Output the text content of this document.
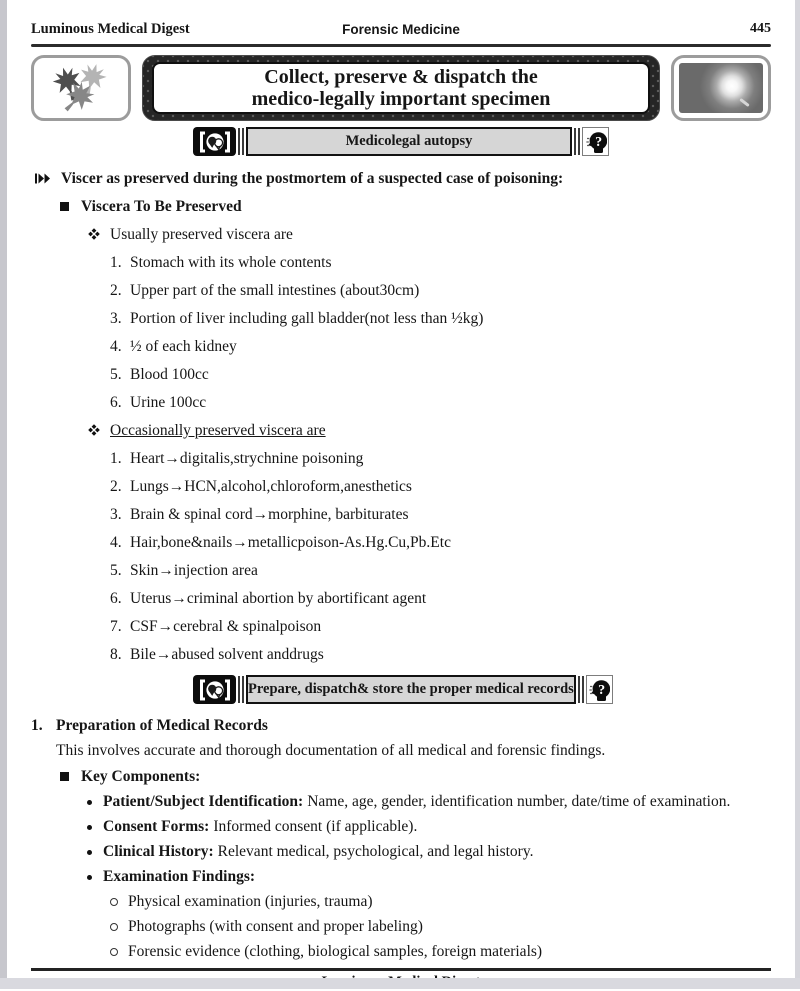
Luminous Medical Digest	Forensic Medicine	445
Collect, preserve & dispatch the
medico-legally important specimen
Medicolegal autopsy	?
Viscer as preserved during the postmortem of a suspected case of poisoning:
Viscera To Be Preserved
Usually preserved viscera are
Stomach with its whole contents
Upper part of the small intestines (about30cm)
Portion of liver including gall bladder(not less than ½kg)
½ of each kidney
Blood 100cc
Urine 100cc
Occasionally preserved viscera are
Heart→digitalis,strychnine poisoning
Lungs→HCN,alcohol,chloroform,anesthetics
Brain & spinal cord→morphine, barbiturates
Hair,bone&nails→metallicpoison-As.Hg.Cu,Pb.Etc
Skin→injection area
Uterus→criminal abortion by abortificant agent
CSF→cerebral & spinalpoison
Bile→abused solvent anddrugs
Prepare, dispatch& store the proper medical records ?
1. Preparation of Medical Records
This involves accurate and thorough documentation of all medical and forensic findings.
Key Components:
Patient/Subject Identification: Name, age, gender, identification number, date/time of examination.
Consent Forms: Informed consent (if applicable).
Clinical History: Relevant medical, psychological, and legal history.
Examination Findings:
Physical examination (injuries, trauma)
Photographs (with consent and proper labeling)
Forensic evidence (clothing, biological samples, foreign materials)
